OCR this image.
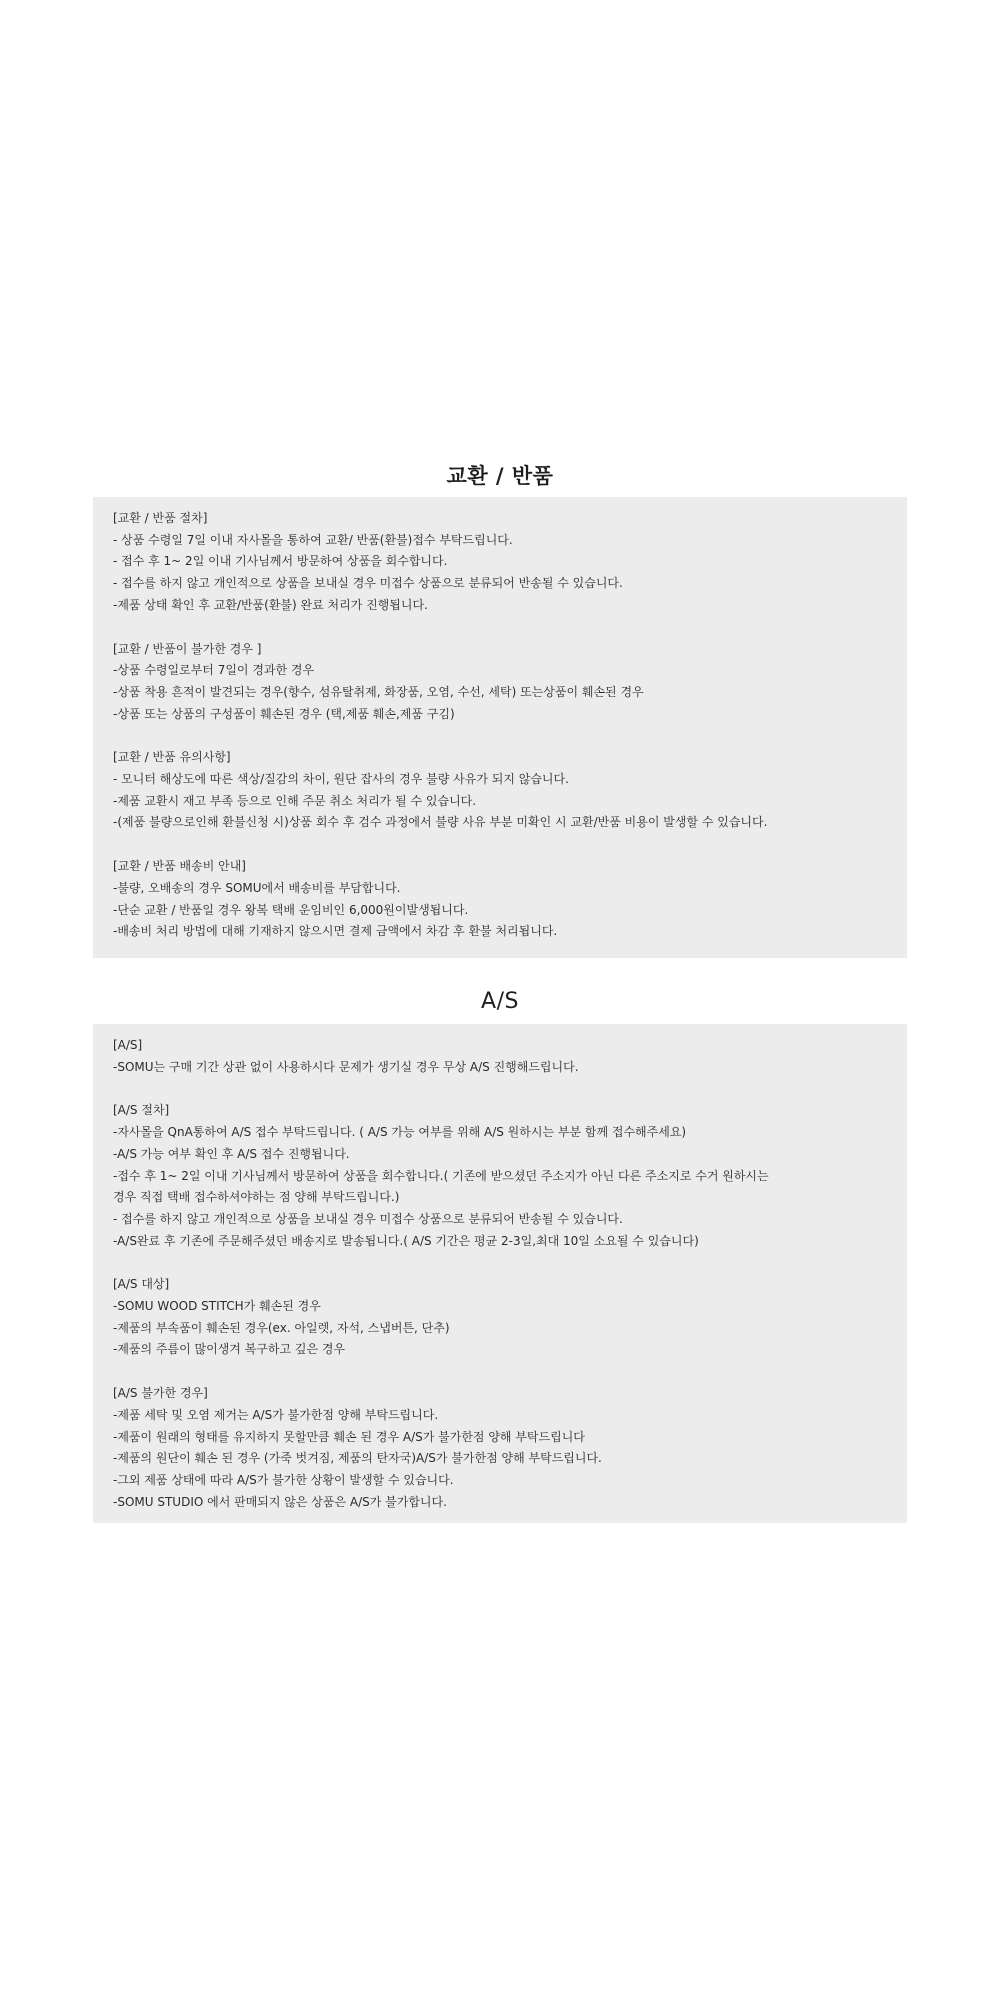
교환 / 반품
[교환 / 반품 절차]
- 상품 수령일 7일 이내 자사몰을 통하여 교환/ 반품(환불)접수 부탁드립니다.
- 접수 후 1~ 2일 이내 기사님께서 방문하여 상품을 회수합니다.
- 접수를 하지 않고 개인적으로 상품을 보내실 경우 미접수 상품으로 분류되어 반송될 수 있습니다.
-제품 상태 확인 후 교환/반품(환불) 완료 처리가 진행됩니다.
[교환 / 반품이 불가한 경우 ]
-상품 수령일로부터 7일이 경과한 경우
-상품 착용 흔적이 발견되는 경우(향수, 섬유탈취제, 화장품, 오염, 수선, 세탁) 또는상품이 훼손된 경우
-상품 또는 상품의 구성품이 훼손된 경우 (택,제품 훼손,제품 구김)
[교환 / 반품 유의사항]
- 모니터 해상도에 따른 색상/질감의 차이, 원단 잡사의 경우 불량 사유가 되지 않습니다.
-제품 교환시 재고 부족 등으로 인해 주문 취소 처리가 될 수 있습니다.
-(제품 불량으로인해 환불신청 시)상품 회수 후 검수 과정에서 불량 사유 부분 미확인 시 교환/반품 비용이 발생할 수 있습니다.
[교환 / 반품 배송비 안내]
-불량, 오배송의 경우 SOMU에서 배송비를 부담합니다.
-단순 교환 / 반품일 경우 왕복 택배 운임비인 6,000원이발생됩니다.
-배송비 처리 방법에 대해 기재하지 않으시면 결제 금액에서 차감 후 환불 처리됩니다.
A/S
[A/S]
-SOMU는 구매 기간 상관 없이 사용하시다 문제가 생기실 경우 무상 A/S 진행해드립니다.
[A/S 절차]
-자사몰을 QnA통하여 A/S 접수 부탁드립니다. ( A/S 가능 여부를 위해 A/S 원하시는 부분 함께 접수해주세요)
-A/S 가능 여부 확인 후 A/S 접수 진행됩니다.
-접수 후 1~ 2일 이내 기사님께서 방문하여 상품을 회수합니다.( 기존에 받으셨던 주소지가 아닌 다른 주소지로 수거 원하시는
경우 직접 택배 접수하셔야하는 점 양해 부탁드립니다.)
- 접수를 하지 않고 개인적으로 상품을 보내실 경우 미접수 상품으로 분류되어 반송될 수 있습니다.
-A/S완료 후 기존에 주문해주셨던 배송지로 발송됩니다.( A/S 기간은 평균 2-3일,최대 10일 소요될 수 있습니다)
[A/S 대상]
-SOMU WOOD STITCH가 훼손된 경우
-제품의 부속품이 훼손된 경우(ex. 아일렛, 자석, 스냅버튼, 단추)
-제품의 주름이 많이생겨 복구하고 깊은 경우
[A/S 불가한 경우]
-제품 세탁 및 오염 제거는 A/S가 불가한점 양해 부탁드립니다.
-제품이 원래의 형태를 유지하지 못할만큼 훼손 된 경우 A/S가 불가한점 양해 부탁드립니다
-제품의 원단이 훼손 된 경우 (가죽 벗겨짐, 제품의 탄자국)A/S가 불가한점 양해 부탁드립니다.
-그외 제품 상태에 따라 A/S가 불가한 상황이 발생할 수 있습니다.
-SOMU STUDIO 에서 판매되지 않은 상품은 A/S가 불가합니다.
